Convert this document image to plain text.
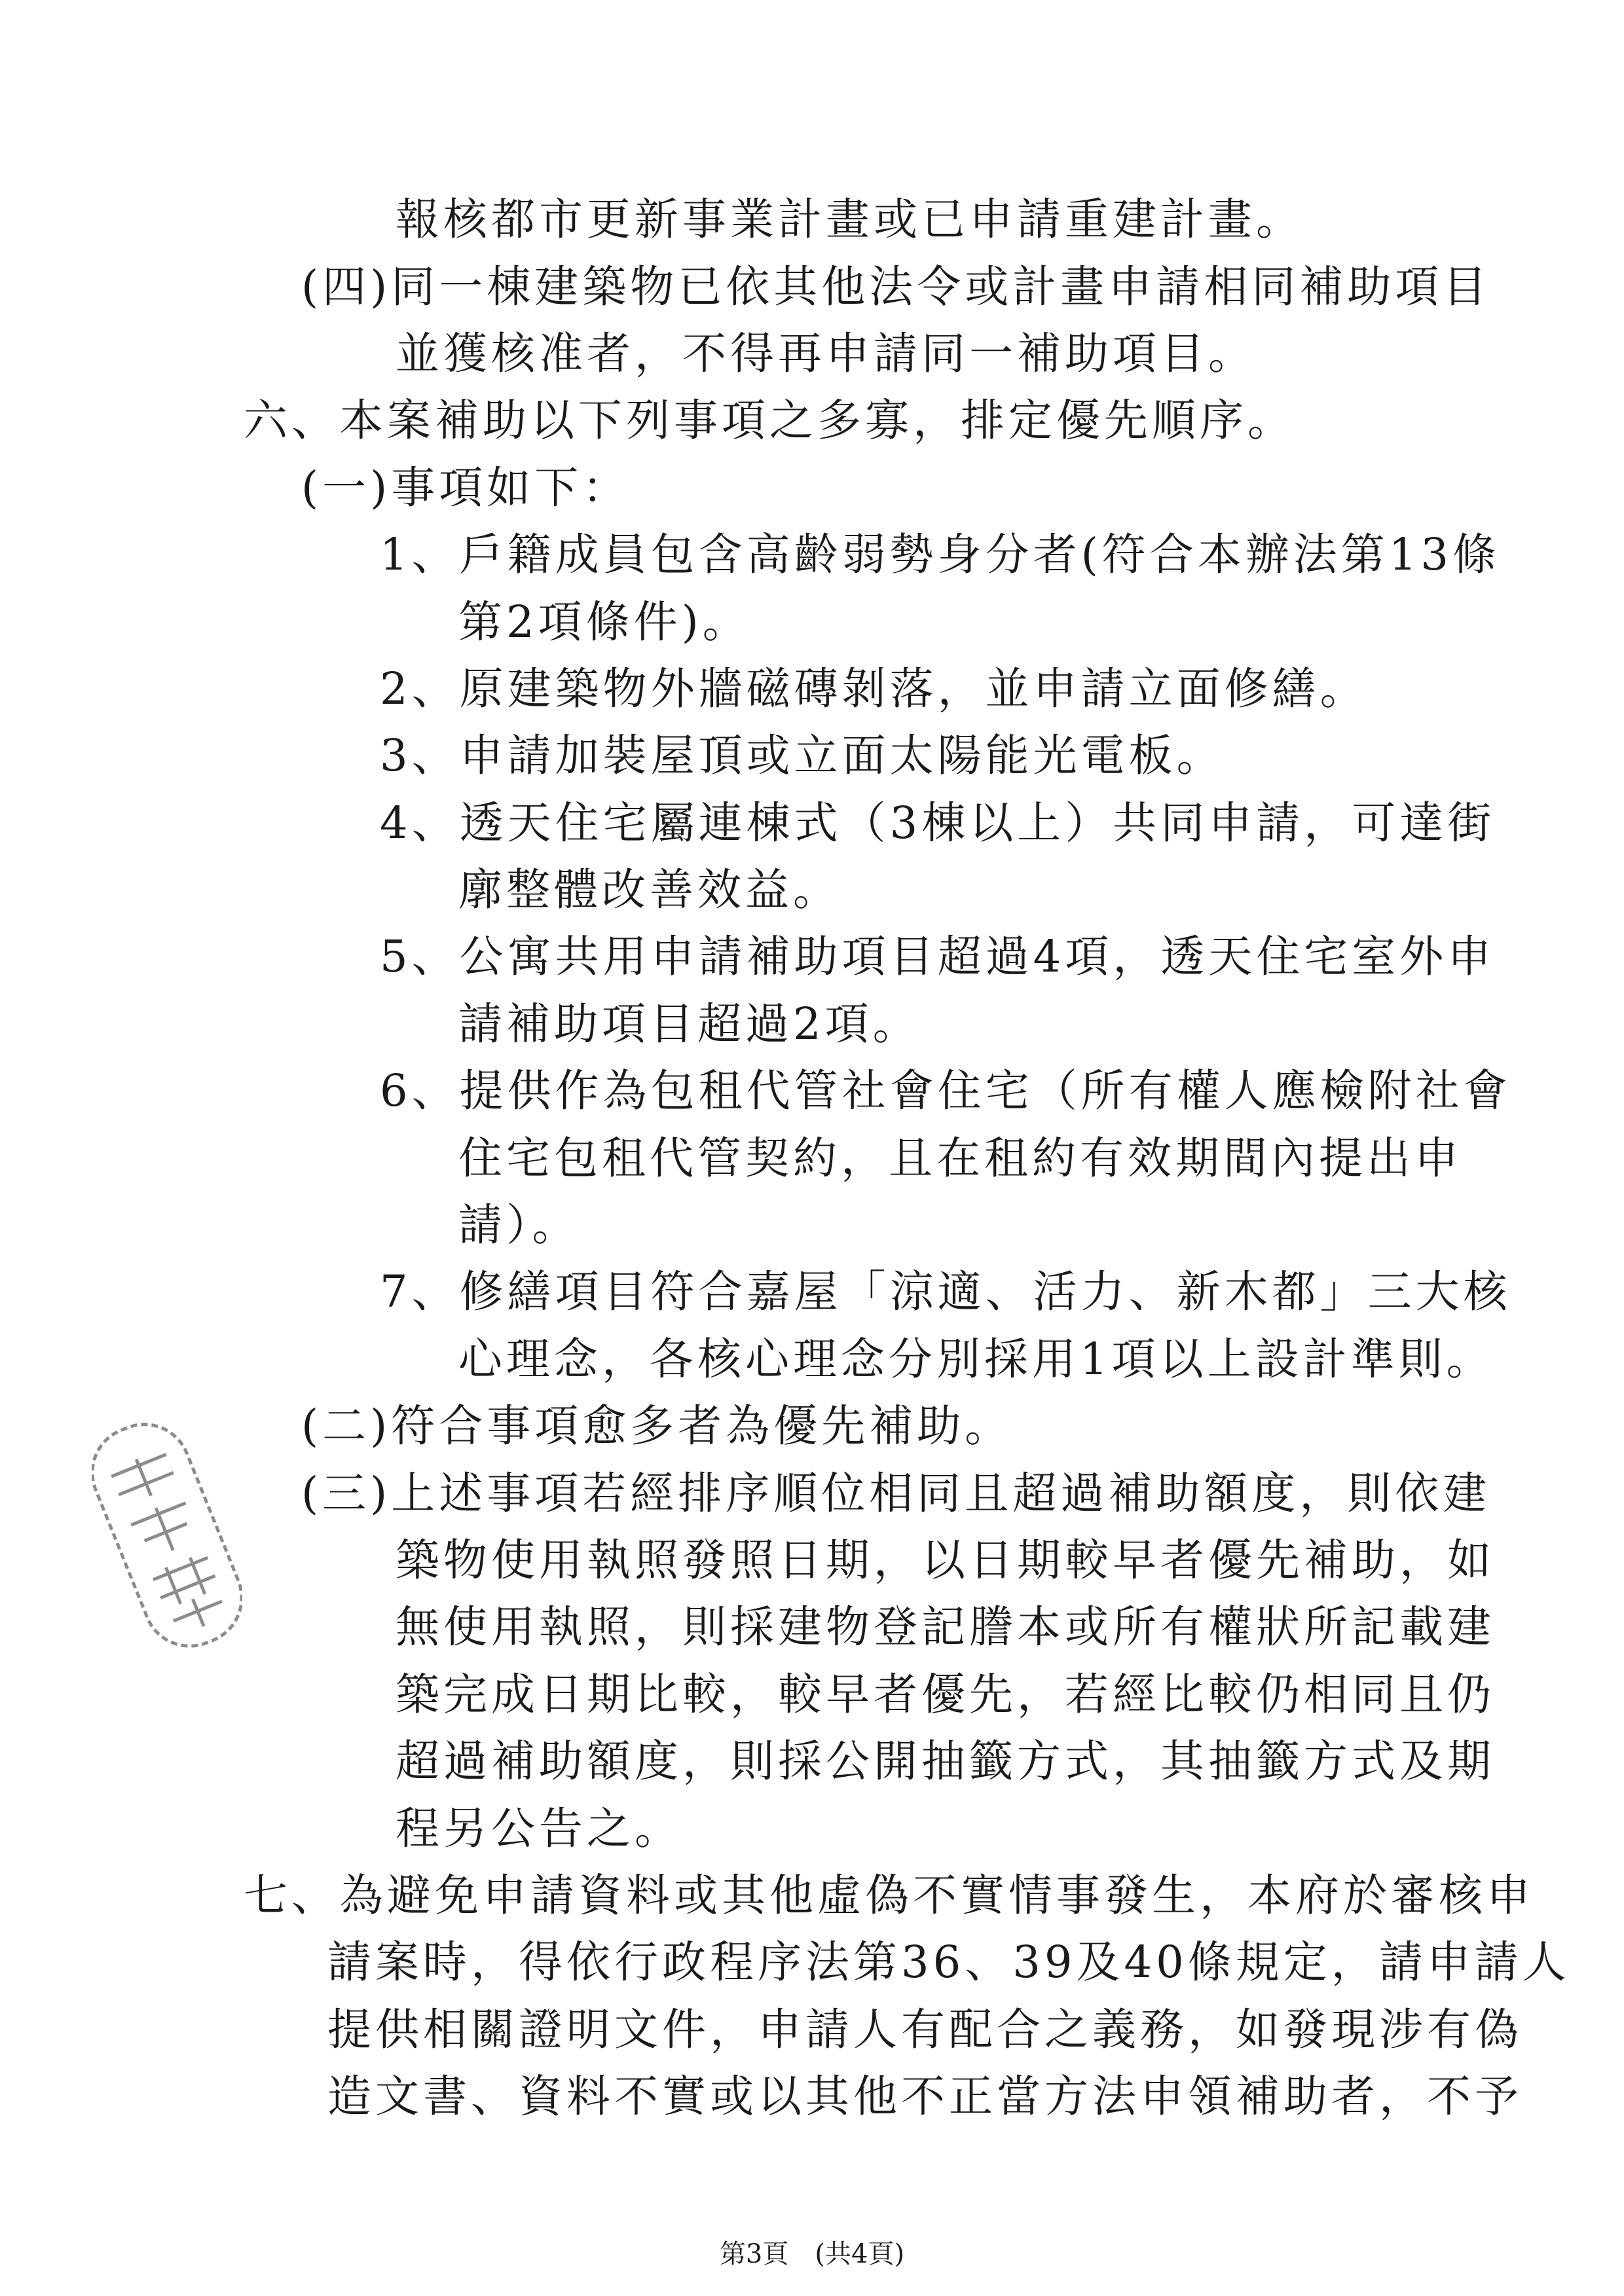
報核都市更新事業計畫或已申請重建計畫。
(四)同一棟建築物已依其他法令或計畫申請相同補助項目
並獲核准者，不得再申請同一補助項目。
六、本案補助以下列事項之多寡，排定優先順序。
(一)事項如下：
1、戶籍成員包含高齡弱勢身分者(符合本辦法第13條
第2項條件)。
2、原建築物外牆磁磚剝落，並申請立面修繕。
3、申請加裝屋頂或立面太陽能光電板。
4、透天住宅屬連棟式（3棟以上）共同申請，可達街
廓整體改善效益。
5、公寓共用申請補助項目超過4項，透天住宅室外申
請補助項目超過2項。
6、提供作為包租代管社會住宅（所有權人應檢附社會
住宅包租代管契約，且在租約有效期間內提出申
請）。
7、修繕項目符合嘉屋「涼適、活力、新木都」三大核
心理念，各核心理念分別採用1項以上設計準則。
(二)符合事項愈多者為優先補助。
(三)上述事項若經排序順位相同且超過補助額度，則依建
築物使用執照發照日期，以日期較早者優先補助，如
無使用執照，則採建物登記謄本或所有權狀所記載建
築完成日期比較，較早者優先，若經比較仍相同且仍
超過補助額度，則採公開抽籤方式，其抽籤方式及期
程另公告之。
七、為避免申請資料或其他虛偽不實情事發生，本府於審核申
請案時，得依行政程序法第36、39及40條規定，請申請人
提供相關證明文件，申請人有配合之義務，如發現涉有偽
造文書、資料不實或以其他不正當方法申領補助者，不予
第3頁　(共4頁)
